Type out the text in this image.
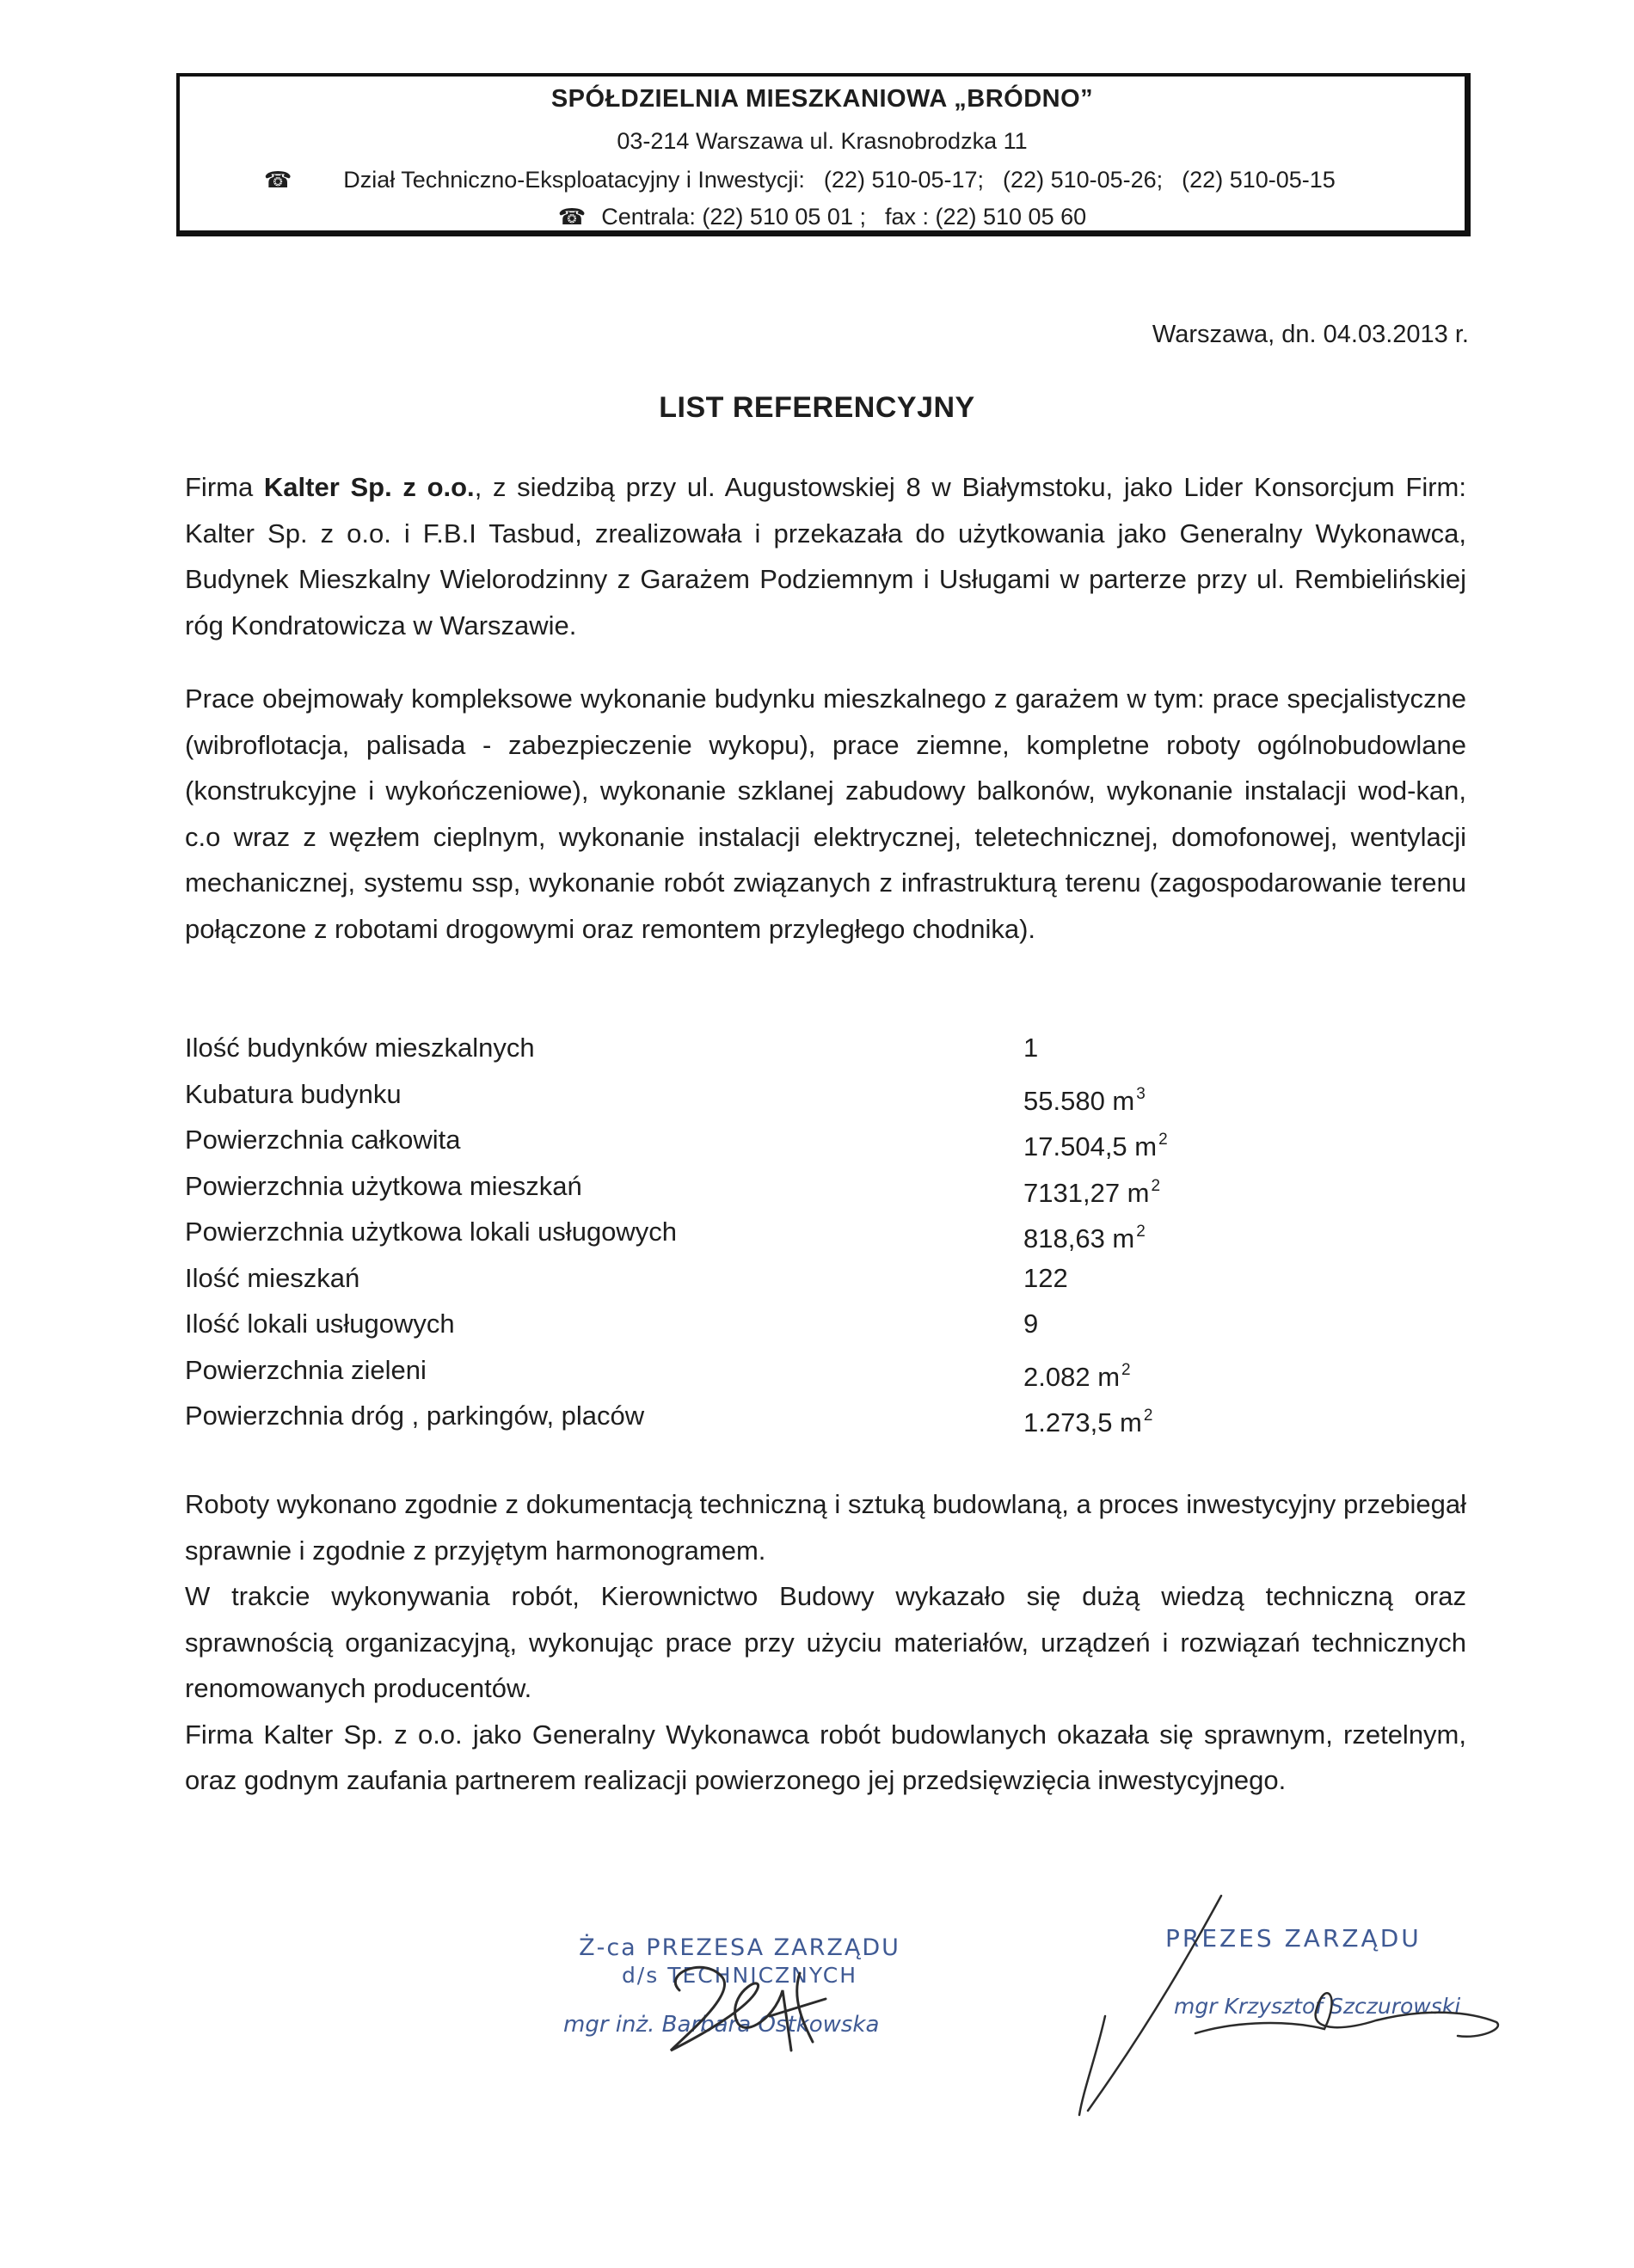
SPÓŁDZIELNIA MIESZKANIOWA „BRÓDNO”
03-214 Warszawa ul. Krasnobrodzka 11
☎ Dział Techniczno-Eksploatacyjny i Inwestycji: (22) 510-05-17; (22) 510-05-26; (22) 510-05-15
☎ Centrala: (22) 510 05 01 ; fax : (22) 510 05 60
Warszawa, dn. 04.03.2013 r.
LIST REFERENCYJNY
Firma Kalter Sp. z o.o., z siedzibą przy ul. Augustowskiej 8 w Białymstoku, jako Lider Konsorcjum Firm: Kalter Sp. z o.o. i F.B.I Tasbud, zrealizowała i przekazała do użytkowania jako Generalny Wykonawca, Budynek Mieszkalny Wielorodzinny z Garażem Podziemnym i Usługami w parterze przy ul. Rembielińskiej róg Kondratowicza w Warszawie.
Prace obejmowały kompleksowe wykonanie budynku mieszkalnego z garażem w tym: prace specjalistyczne (wibroflotacja, palisada - zabezpieczenie wykopu), prace ziemne, kompletne roboty ogólnobudowlane (konstrukcyjne i wykończeniowe), wykonanie szklanej zabudowy balkonów, wykonanie instalacji wod-kan, c.o wraz z węzłem cieplnym, wykonanie instalacji elektrycznej, teletechnicznej, domofonowej, wentylacji mechanicznej, systemu ssp, wykonanie robót związanych z infrastrukturą terenu (zagospodarowanie terenu połączone z robotami drogowymi oraz remontem przyległego chodnika).
Ilość budynków mieszkalnych	1
Kubatura budynku	55.580 m $^3$
Powierzchnia całkowita	17.504,5 m $^2$
Powierzchnia użytkowa mieszkań	7131,27 m $^2$
Powierzchnia użytkowa lokali usługowych	818,63 m $^2$
Ilość mieszkań	122
Ilość lokali usługowych	9
Powierzchnia zieleni	2.082 m $^2$
Powierzchnia dróg , parkingów, placów	1.273,5 m $^2$
Roboty wykonano zgodnie z dokumentacją techniczną i sztuką budowlaną, a proces inwestycyjny przebiegał sprawnie i zgodnie z przyjętym harmonogramem.
W trakcie wykonywania robót, Kierownictwo Budowy wykazało się dużą wiedzą techniczną oraz sprawnością organizacyjną, wykonując prace przy użyciu materiałów, urządzeń i rozwiązań technicznych renomowanych producentów.
Firma Kalter Sp. z o.o. jako Generalny Wykonawca robót budowlanych okazała się sprawnym, rzetelnym, oraz godnym zaufania partnerem realizacji powierzonego jej przedsięwzięcia inwestycyjnego.
Ż-ca PREZESA ZARZĄDU
d/s TECHNICZNYCH
mgr inż. Barbara Ostkowska
PREZES ZARZĄDU
mgr Krzysztof Szczurowski
